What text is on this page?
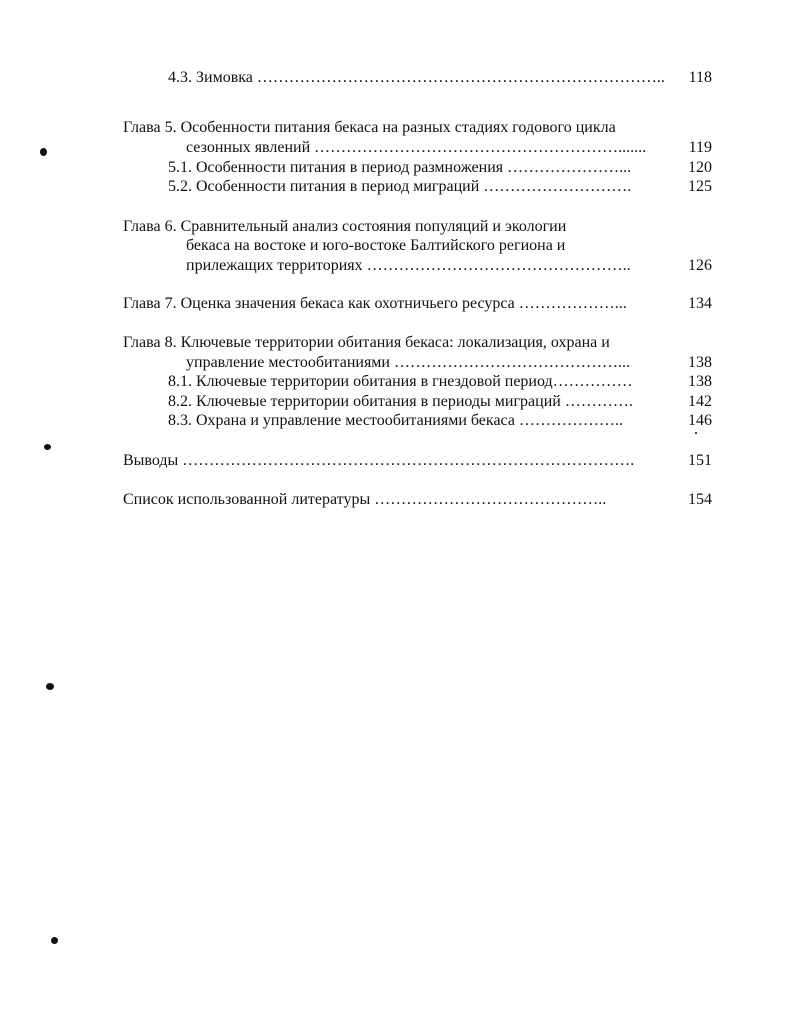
4.3. Зимовка …………………………………………………………………..	118
Глава 5. Особенности питания бекаса на разных стадиях годового цикла
сезонных явлений ………………………………………………….......	119
5.1. Особенности питания в период размножения …………………...	120
5.2. Особенности питания в период миграций ……………………….	125
Глава 6. Сравнительный анализ состояния популяций и экологии
бекаса на востоке и юго-востоке Балтийского региона и
прилежащих территориях …………………………………………..	126
Глава 7. Оценка значения бекаса как охотничьего ресурса ………………...	134
Глава 8. Ключевые территории обитания бекаса: локализация, охрана и
управление местообитаниями ……………………………………...	138
8.1. Ключевые территории обитания в гнездовой период……………	138
8.2. Ключевые территории обитания в периоды миграций ………….	142
8.3. Охрана и управление местообитаниями бекаса ………………..	146
Выводы ………………………………………………………………………….	151
Список использованной литературы ……………………………………..	154
